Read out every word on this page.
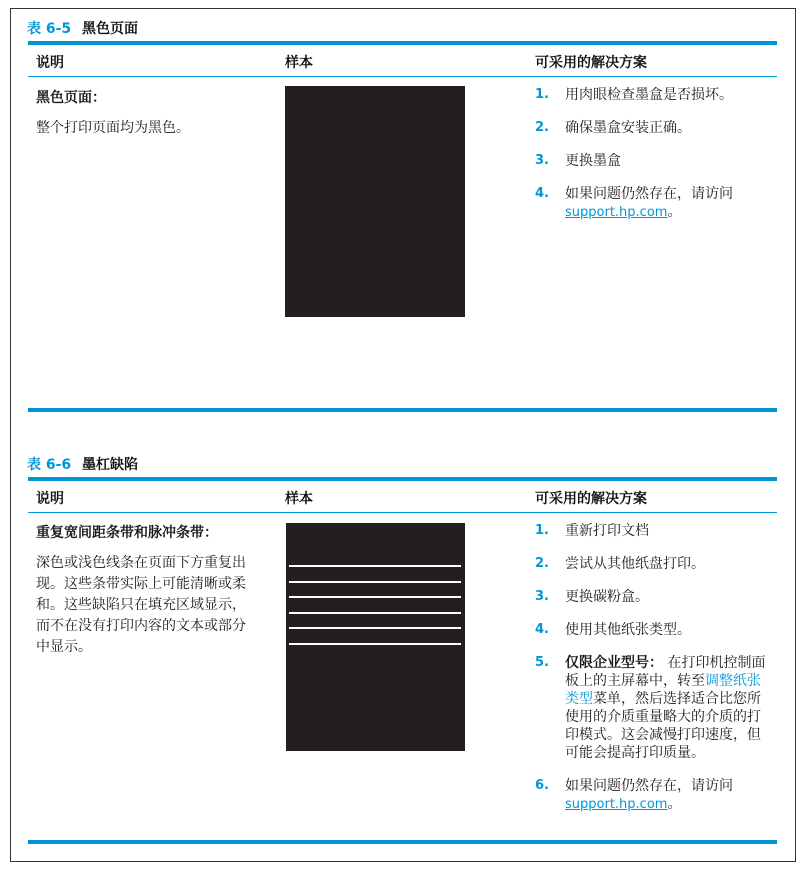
表 6-5 黑色页面
说明	样本	可采用的解决方案
黑色页面：
整个打印页面均为黑色。
1. 用肉眼检查墨盒是否损坏。
2. 确保墨盒安装正确。
3. 更换墨盒
4. 如果问题仍然存在，请访问
support.hp.com。
表 6-6 墨杠缺陷
说明	样本	可采用的解决方案
重复宽间距条带和脉冲条带：
深色或浅色线条在页面下方重复出
现。这些条带实际上可能清晰或柔
和。这些缺陷只在填充区域显示，
而不在没有打印内容的文本或部分
中显示。
1. 重新打印文档
2. 尝试从其他纸盘打印。
3. 更换碳粉盒。
4. 使用其他纸张类型。
5. 仅限企业型号： 在打印机控制面板上的主屏幕中，转至调整纸张类型菜单，然后选择适合比您所使用的介质重量略大的介质的打印模式。这会减慢打印速度，但可能会提高打印质量。
6. 如果问题仍然存在，请访问
support.hp.com。
